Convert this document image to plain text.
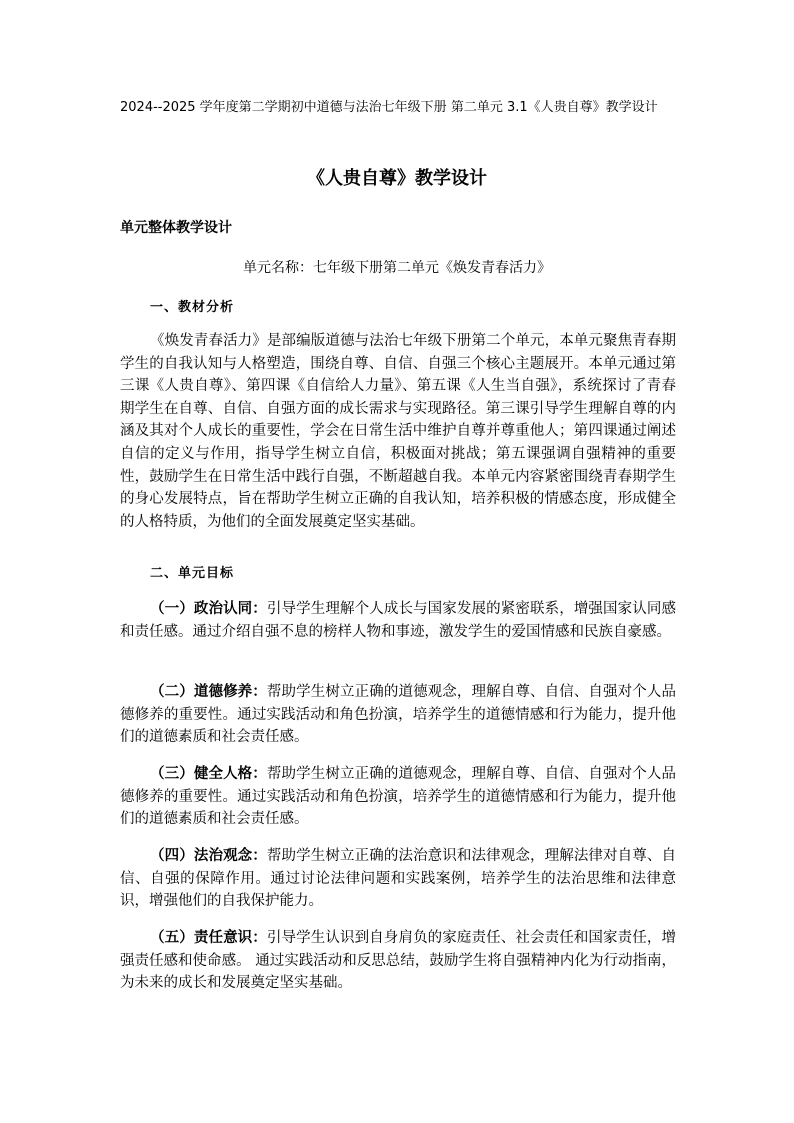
2024--2025 学年度第二学期初中道德与法治七年级下册 第二单元 3.1《人贵自尊》教学设计
《人贵自尊》教学设计
单元整体教学设计
单元名称：七年级下册第二单元《焕发青春活力》
一、教材分析
《焕发青春活力》是部编版道德与法治七年级下册第二个单元，本单元聚焦青春期学生的自我认知与人格塑造，围绕自尊、自信、自强三个核心主题展开。本单元通过第三课《人贵自尊》、第四课《自信给人力量》、第五课《人生当自强》，系统探讨了青春期学生在自尊、自信、自强方面的成长需求与实现路径。第三课引导学生理解自尊的内涵及其对个人成长的重要性，学会在日常生活中维护自尊并尊重他人；第四课通过阐述自信的定义与作用，指导学生树立自信，积极面对挑战；第五课强调自强精神的重要性，鼓励学生在日常生活中践行自强，不断超越自我。本单元内容紧密围绕青春期学生的身心发展特点，旨在帮助学生树立正确的自我认知，培养积极的情感态度，形成健全的人格特质，为他们的全面发展奠定坚实基础。
二、单元目标
（一）政治认同：引导学生理解个人成长与国家发展的紧密联系，增强国家认同感和责任感。通过介绍自强不息的榜样人物和事迹，激发学生的爱国情感和民族自豪感。
（二）道德修养：帮助学生树立正确的道德观念，理解自尊、自信、自强对个人品德修养的重要性。通过实践活动和角色扮演，培养学生的道德情感和行为能力，提升他们的道德素质和社会责任感。
（三）健全人格：帮助学生树立正确的道德观念，理解自尊、自信、自强对个人品德修养的重要性。通过实践活动和角色扮演，培养学生的道德情感和行为能力，提升他们的道德素质和社会责任感。
（四）法治观念：帮助学生树立正确的法治意识和法律观念，理解法律对自尊、自信、自强的保障作用。通过讨论法律问题和实践案例，培养学生的法治思维和法律意识，增强他们的自我保护能力。
（五）责任意识：引导学生认识到自身肩负的家庭责任、社会责任和国家责任，增强责任感和使命感。 通过实践活动和反思总结，鼓励学生将自强精神内化为行动指南，为未来的成长和发展奠定坚实基础。
